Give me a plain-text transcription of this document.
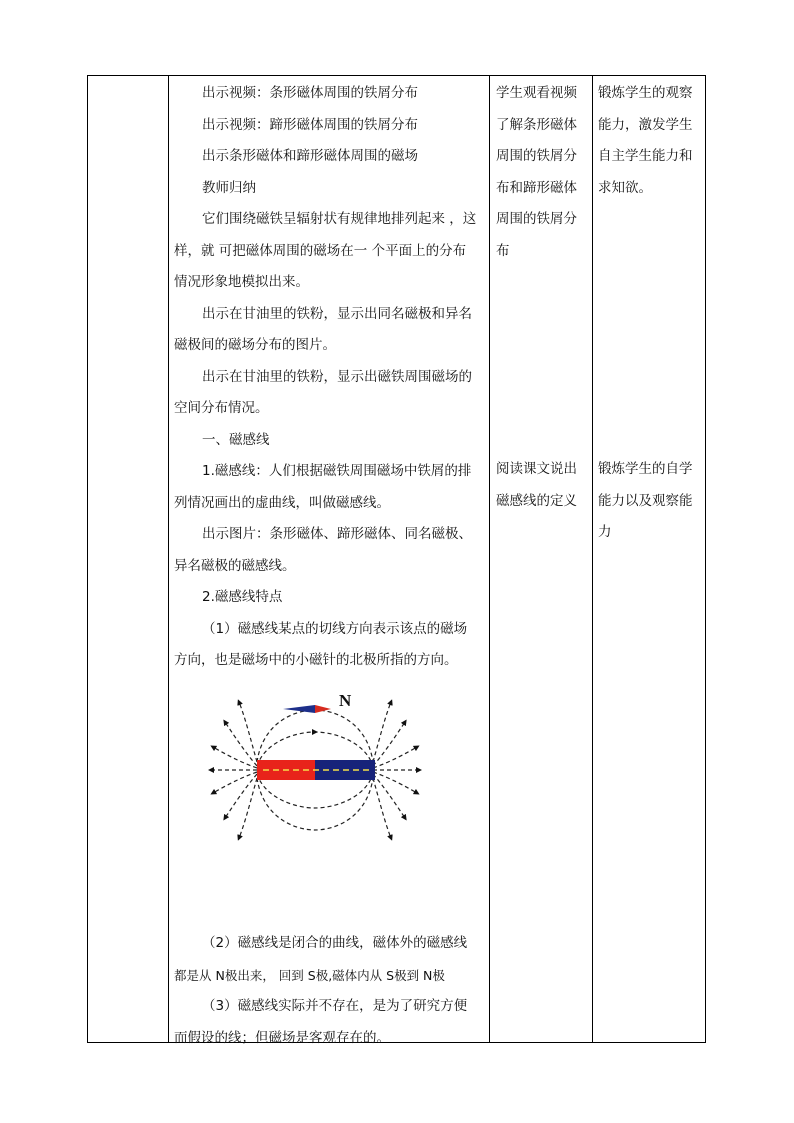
出示视频：条形磁体周围的铁屑分布

出示视频：蹄形磁体周围的铁屑分布

出示条形磁体和蹄形磁体周围的磁场

教师归纳

它们围绕磁铁呈辐射状有规律地排列起来 ，这

样，就 可把磁体周围的磁场在一 个平面上的分布

情况形象地模拟出来。

出示在甘油里的铁粉，显示出同名磁极和异名

磁极间的磁场分布的图片。

出示在甘油里的铁粉，显示出磁铁周围磁场的

空间分布情况。

一、磁感线

1.磁感线：人们根据磁铁周围磁场中铁屑的排

列情况画出的虚曲线，叫做磁感线。

出示图片：条形磁体、蹄形磁体、同名磁极、

异名磁极的磁感线。

2.磁感线特点

（1）磁感线某点的切线方向表示该点的磁场

方向，也是磁场中的小磁针的北极所指的方向。

（2）磁感线是闭合的曲线，磁体外的磁感线

都是从 N极出来， 回到 S极,磁体内从 S极到 N极

（3）磁感线实际并不存在，是为了研究方便

而假设的线；但磁场是客观存在的。

学生观看视频

了解条形磁体

周围的铁屑分

布和蹄形磁体

周围的铁屑分

布

阅读课文说出

磁感线的定义

锻炼学生的观察

能力，激发学生

自主学生能力和

求知欲。

锻炼学生的自学

能力以及观察能

力

N
